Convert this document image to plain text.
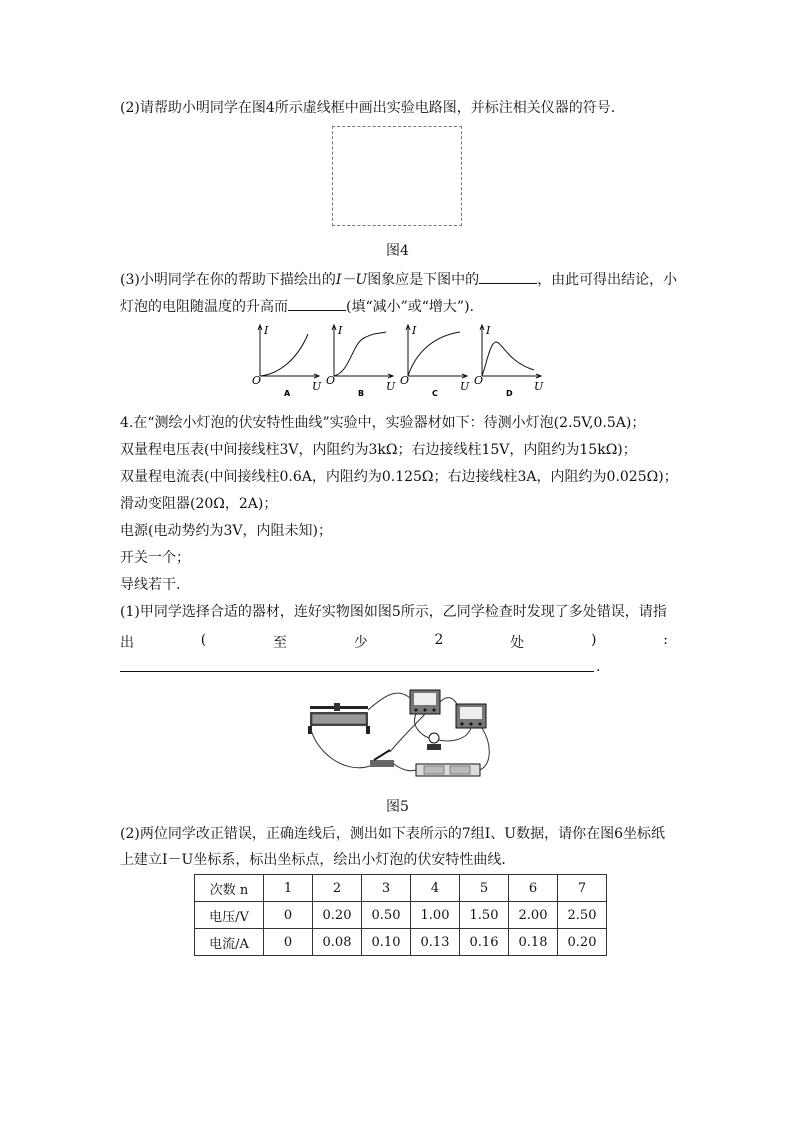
(2)请帮助小明同学在图4所示虚线框中画出实验电路图，并标注相关仪器的符号.
图4
(3)小明同学在你的帮助下描绘出的I－U图象应是下图中的	，由此可得出结论，小
灯泡的电阻随温度的升高而	(填“减小”或“增大”).
I
U
O
A
I
U
O
B
I
U
O
C
I
U
O
D
4.在“测绘小灯泡的伏安特性曲线”实验中，实验器材如下：待测小灯泡(2.5V,0.5A)；
双量程电压表(中间接线柱3V，内阻约为3kΩ；右边接线柱15V，内阻约为15kΩ)；
双量程电流表(中间接线柱0.6A，内阻约为0.125Ω；右边接线柱3A，内阻约为0.025Ω)；
滑动变阻器(20Ω，2A)；
电源(电动势约为3V，内阻未知)；
开关一个；
导线若干.
(1)甲同学选择合适的器材，连好实物图如图5所示，乙同学检查时发现了多处错误，请指
出	(	至	少	2	处	)	:
.
图5
(2)两位同学改正错误，正确连线后，测出如下表所示的7组I、U数据，请你在图6坐标纸
上建立I－U坐标系，标出坐标点，绘出小灯泡的伏安特性曲线.
次数 n	1	2	3	4	5	6	7
电压/V	0	0.20	0.50	1.00	1.50	2.00	2.50
电流/A	0	0.08	0.10	0.13	0.16	0.18	0.20
